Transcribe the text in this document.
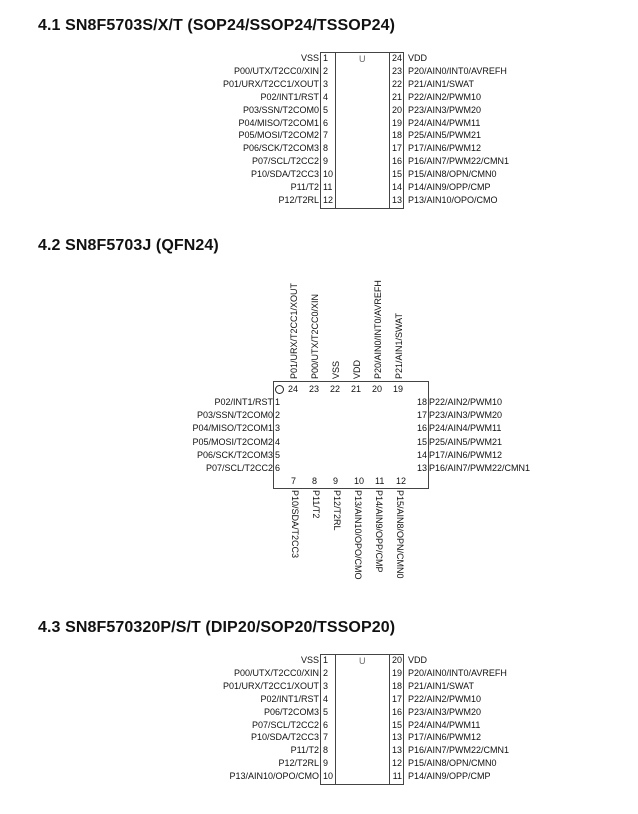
4.1 SN8F5703S/X/T (SOP24/SSOP24/TSSOP24)
U
VSS 1
P00/UTX/T2CC0/XIN 2
P01/URX/T2CC1/XOUT 3
P02/INT1/RST 4
P03/SSN/T2COM0 5
P04/MISO/T2COM1 6
P05/MOSI/T2COM2 7
P06/SCK/T2COM3 8
P07/SCL/T2CC2 9
P10/SDA/T2CC3 10
P11/T2 11
P12/T2RL 12
24 VDD
23 P20/AIN0/INT0/AVREFH
22 P21/AIN1/SWAT
21 P22/AIN2/PWM10
20 P23/AIN3/PWM20
19 P24/AIN4/PWM11
18 P25/AIN5/PWM21
17 P17/AIN6/PWM12
16 P16/AIN7/PWM22/CMN1
15 P15/AIN8/OPN/CMN0
14 P14/AIN9/OPP/CMP
13 P13/AIN10/OPO/CMO
4.2 SN8F5703J (QFN24)
24
P01/URX/T2CC1/XOUT
23
P00/UTX/T2CC0/XIN
22
VSS
21
VDD
20
P20/AIN0/INT0/AVREFH
19
P21/AIN1/SWAT
P02/INT1/RST 1
P03/SSN/T2COM0 2
P04/MISO/T2COM1 3
P05/MOSI/T2COM2 4
P06/SCK/T2COM3 5
P07/SCL/T2CC2 6
18 P22/AIN2/PWM10
17 P23/AIN3/PWM20
16 P24/AIN4/PWM11
15 P25/AIN5/PWM21
14 P17/AIN6/PWM12
13 P16/AIN7/PWM22/CMN1
7
P10/SDA/T2CC3
8
P11/T2
9
P12/T2RL
10
P13/AIN10/OPO/CMO
11
P14/AIN9/OPP/CMP
12
P15/AIN8/OPN/CMN0
4.3 SN8F570320P/S/T (DIP20/SOP20/TSSOP20)
U
VSS 1
P00/UTX/T2CC0/XIN 2
P01/URX/T2CC1/XOUT 3
P02/INT1/RST 4
P06/T2COM3 5
P07/SCL/T2CC2 6
P10/SDA/T2CC3 7
P11/T2 8
P12/T2RL 9
P13/AIN10/OPO/CMO 10
20 VDD
19 P20/AIN0/INT0/AVREFH
18 P21/AIN1/SWAT
17 P22/AIN2/PWM10
16 P23/AIN3/PWM20
15 P24/AIN4/PWM11
13 P17/AIN6/PWM12
13 P16/AIN7/PWM22/CMN1
12 P15/AIN8/OPN/CMN0
11 P14/AIN9/OPP/CMP
